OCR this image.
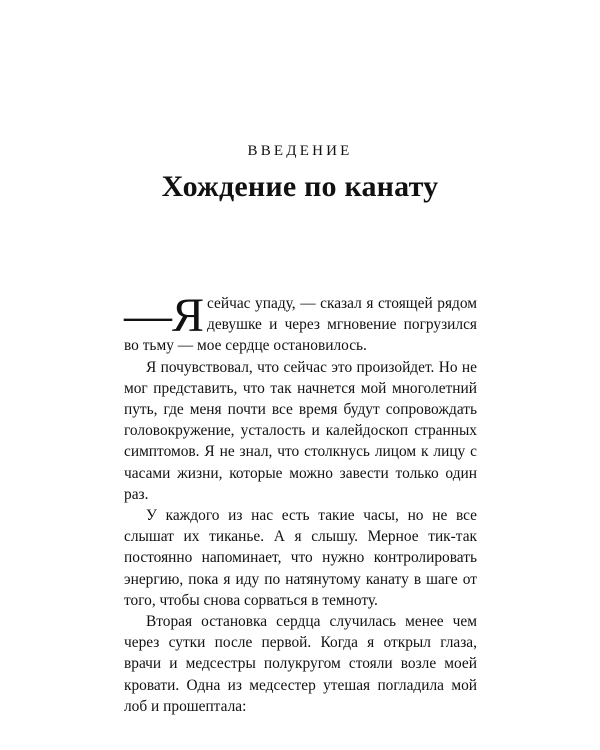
ВВЕДЕНИЕ
Хождение по канату

—Я сейчас упаду, — сказал я стоящей рядом девушке и через мгновение погрузился во тьму — мое сердце остановилось.

Я почувствовал, что сейчас это произойдет. Но не мог представить, что так начнется мой многолетний путь, где меня почти все время будут сопровождать головокружение, усталость и калейдоскоп странных симптомов. Я не знал, что столкнусь лицом к лицу с часами жизни, которые можно завести только один раз.

У каждого из нас есть такие часы, но не все слышат их тиканье. А я слышу. Мерное тик-так постоянно напоминает, что нужно контролировать энергию, пока я иду по натянутому канату в шаге от того, чтобы снова сорваться в темноту.

Вторая остановка сердца случилась менее чем через сутки после первой. Когда я открыл глаза, врачи и медсестры полукругом стояли возле моей кровати. Одна из медсестер утешая погладила мой лоб и прошептала:
